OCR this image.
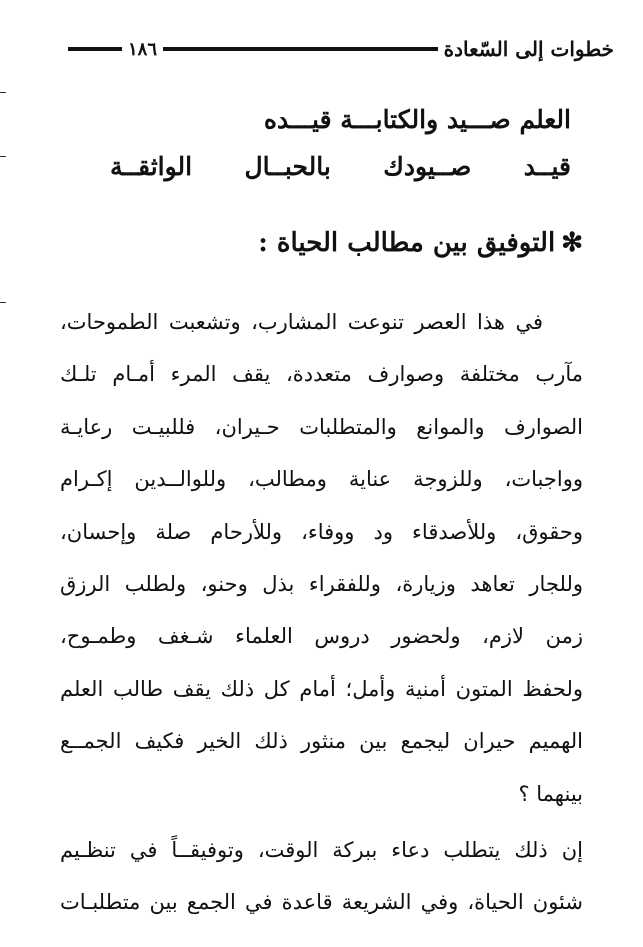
خطوات إلى السّعادة
١٨٦
العلم صـــيد والكتابـــة قيـــده
قيــد صــيودك بالحبــال الواثقــة
✻التوفيق بين مطالب الحياة :
في هذا العصر تنوعت المشارب، وتشعبت الطموحات،
مآرب مختلفة وصوارف متعددة، يقف المرء أمـام تلـك
الصوارف والموانع والمتطلبات حـيران، فللبيـت رعايـة
وواجبات، وللزوجة عناية ومطالب، وللوالــدين إكـرام
وحقوق، وللأصدقاء ود ووفاء، وللأرحام صلة وإحسان،
وللجار تعاهد وزيارة، وللفقراء بذل وحنو، ولطلب الرزق
زمن لازم، ولحضور دروس العلماء شـغف وطمـوح،
ولحفظ المتون أمنية وأمل؛ أمام كل ذلك يقف طالب العلم
الهميم حيران ليجمع بين منثور ذلك الخير فكيف الجمــع
بينهما ؟
إن ذلك يتطلب دعاء ببركة الوقت، وتوفيقــاً في تنظـيم
شئون الحياة، وفي الشريعة قاعدة في الجمع بين متطلبـات
